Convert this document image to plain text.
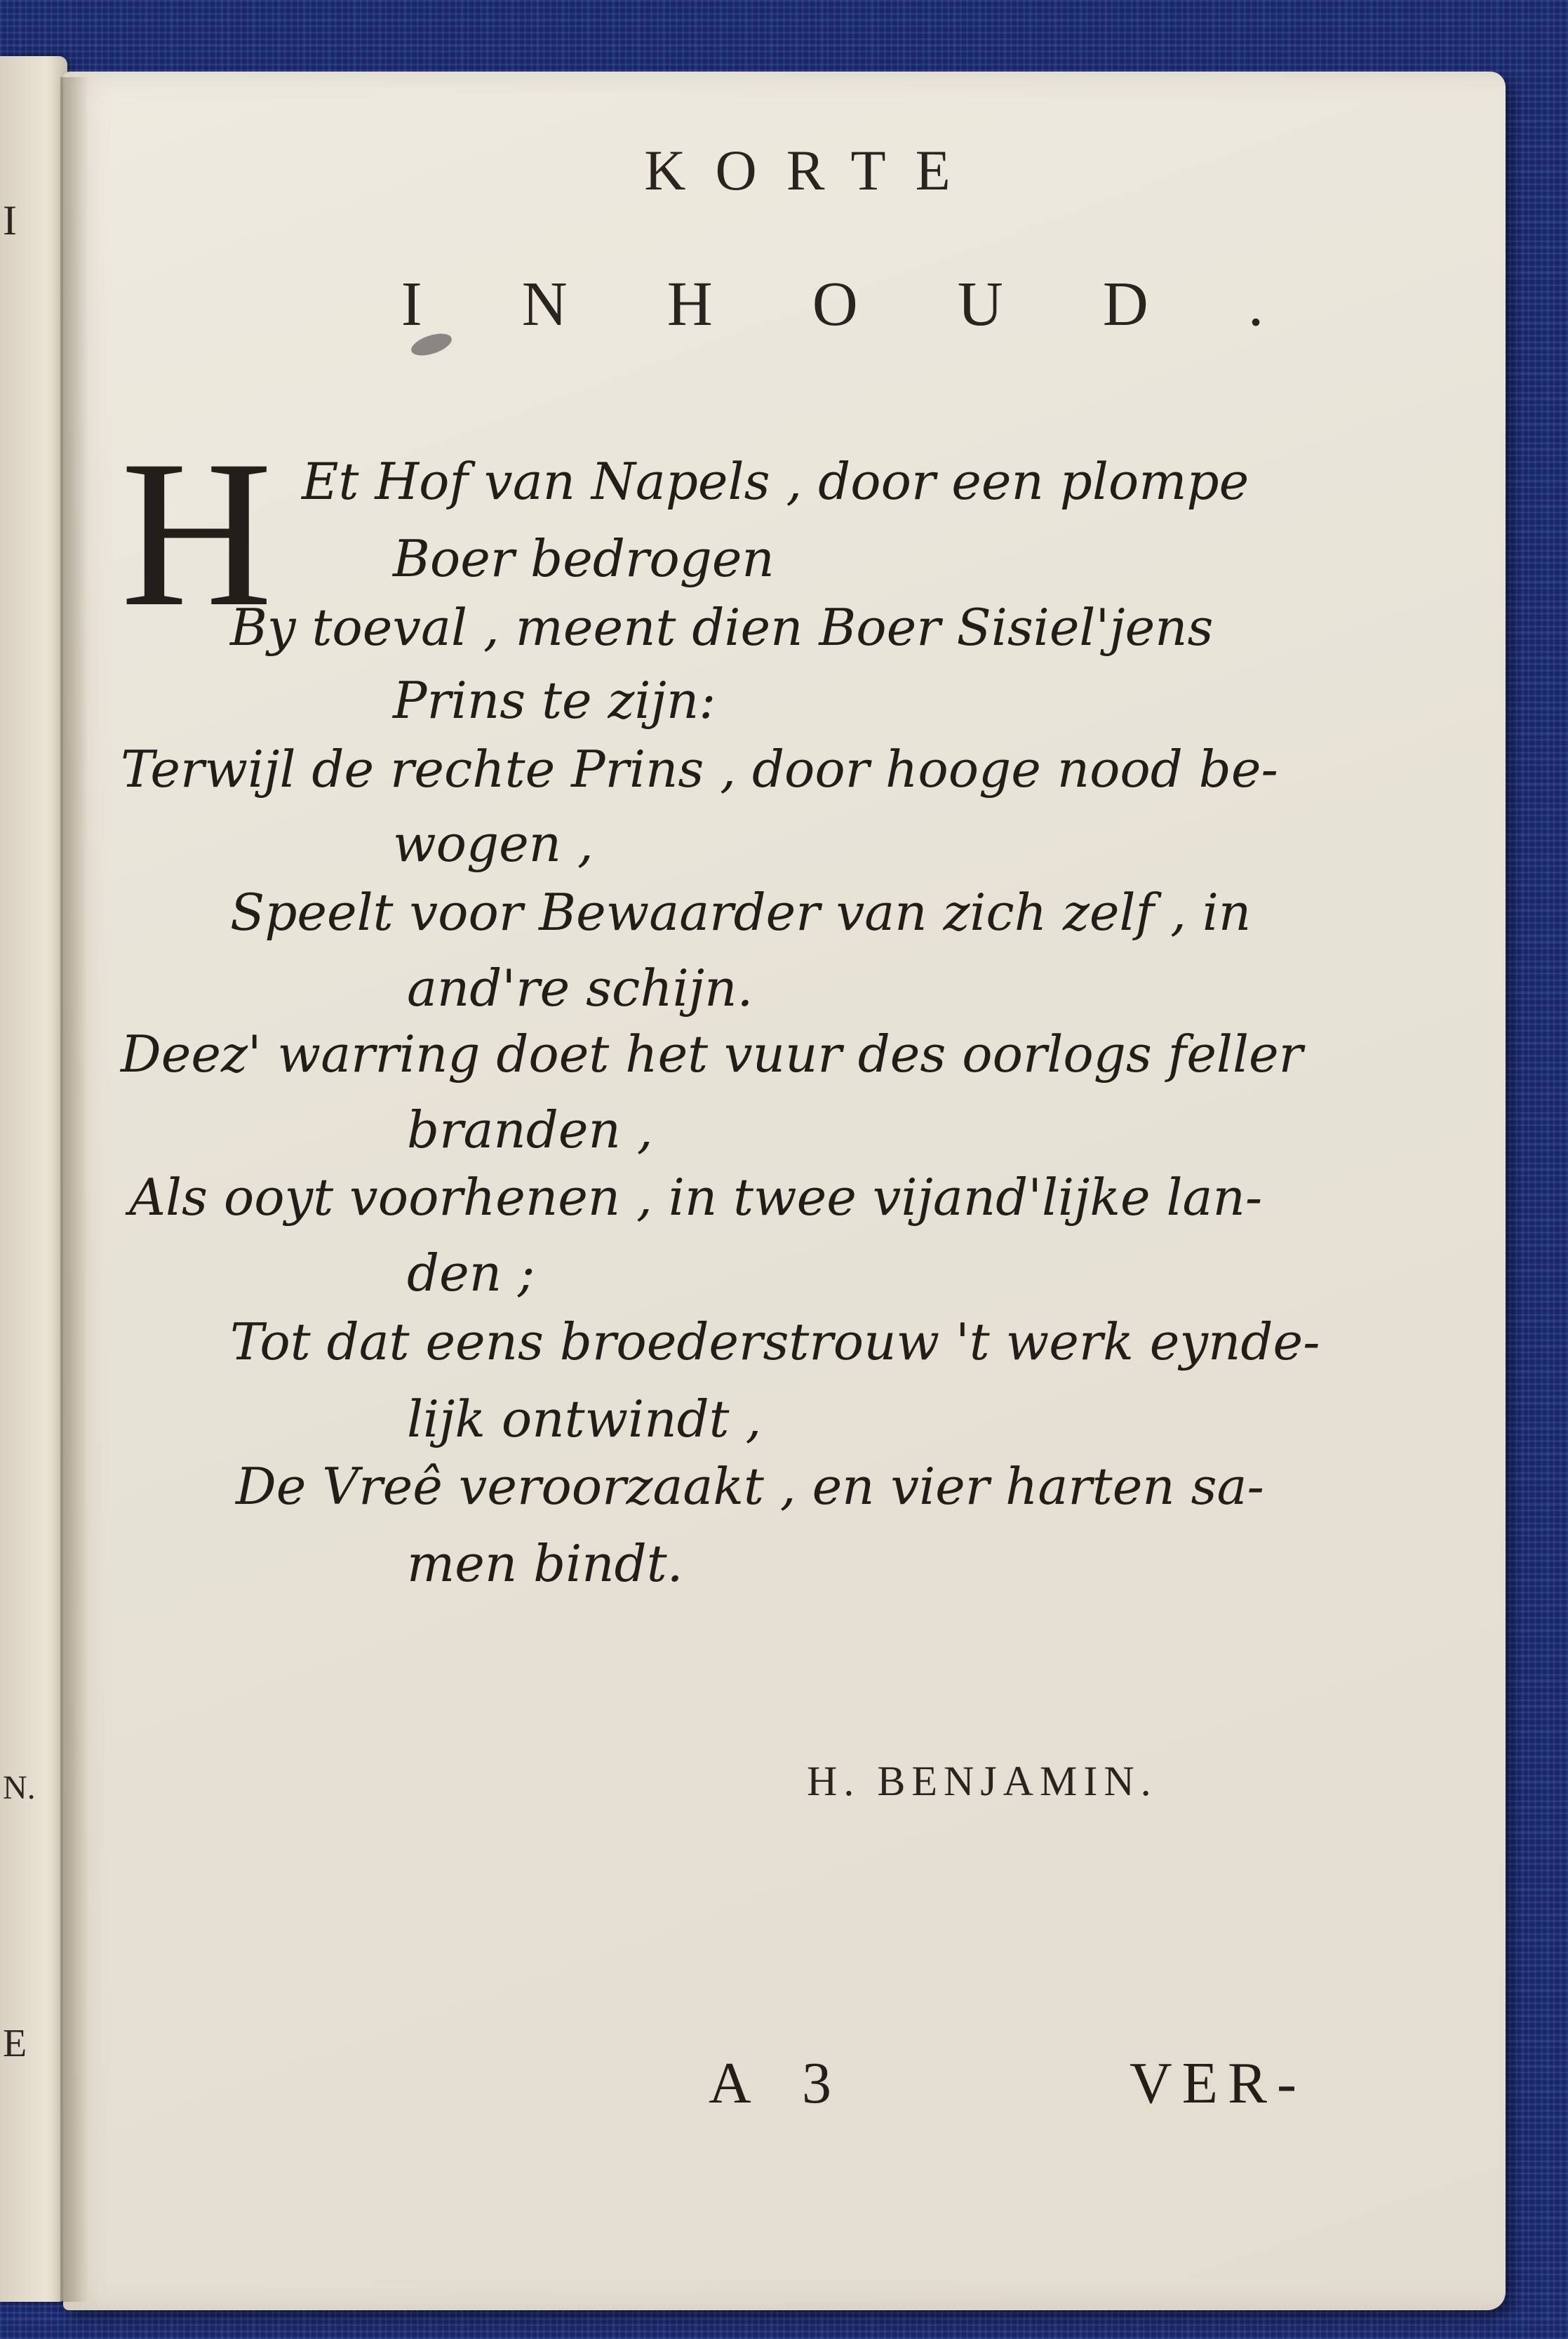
I
N.
E
KORTE
INHOUD.
H Et Hof van Napels , door een plompe
Boer bedrogen
By toeval , meent dien Boer Sisiel'jens
Prins te zijn:
Terwijl de rechte Prins , door hooge nood be-
wogen ,
Speelt voor Bewaarder van zich zelf , in
and're schijn.
Deez' warring doet het vuur des oorlogs feller
branden ,
Als ooyt voorhenen , in twee vijand'lijke lan-
den ;
Tot dat eens broederstrouw 't werk eynde-
lijk ontwindt ,
De Vreê veroorzaakt , en vier harten sa-
men bindt.
H. BENJAMIN.
A 3	VER-
